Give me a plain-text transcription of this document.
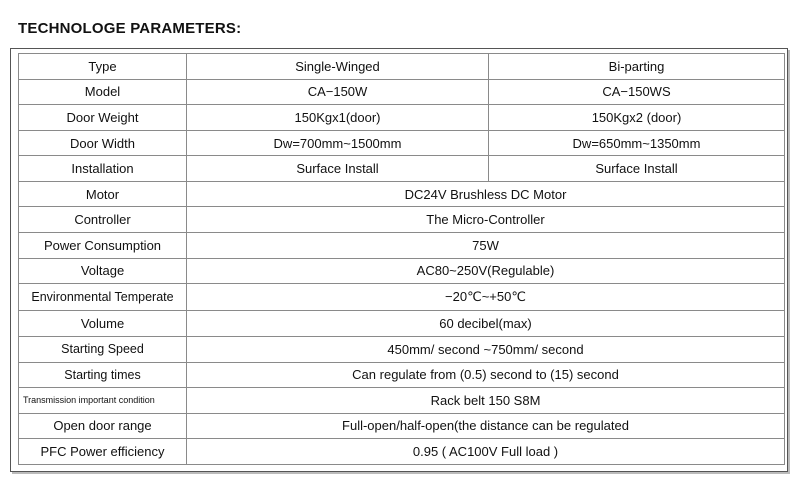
TECHNOLOGE PARAMETERS:
Type	Single-Winged	Bi-parting
Model	CA−150W	CA−150WS
Door Weight	150Kgx1(door)	150Kgx2 (door)
Door Width	Dw=700mm~1500mm	Dw=650mm~1350mm
Installation	Surface Install	Surface Install
Motor	DC24V Brushless DC Motor	
Controller	The Micro-Controller	
Power Consumption	75W	
Voltage	AC80~250V(Regulable)	
Environmental Temperate	−20℃~+50℃	
Volume	60 decibel(max)	
Starting Speed	450mm/ second ~750mm/ second	
Starting times	Can regulate from (0.5) second to (15) second	
Transmission important condition	Rack belt 150 S8M	
Open door range	Full-open/half-open(the distance can be regulated	
PFC Power efficiency	0.95 ( AC100V Full load )	
